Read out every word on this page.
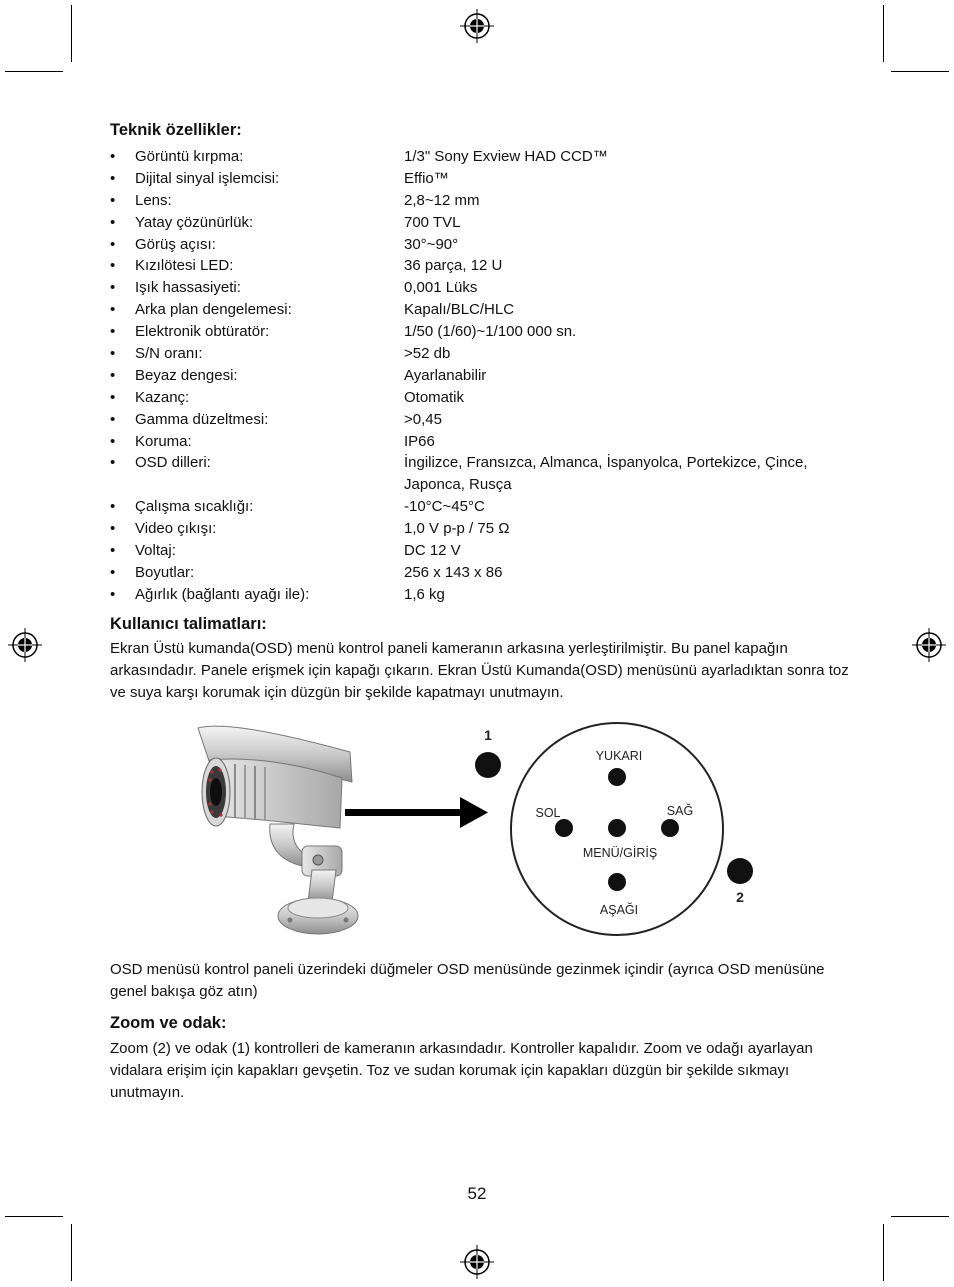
Teknik özellikler:
• Görüntü kırpma:	1/3" Sony Exview HAD CCD™
• Dijital sinyal işlemcisi:	Effio™
• Lens:	2,8~12 mm
• Yatay çözünürlük:	700 TVL
• Görüş açısı:	30°~90°
• Kızılötesi LED:	36 parça, 12 U
• Işık hassasiyeti:	0,001 Lüks
• Arka plan dengelemesi:	Kapalı/BLC/HLC
• Elektronik obtüratör:	1/50 (1/60)~1/100 000 sn.
• S/N oranı:	>52 db
• Beyaz dengesi:	Ayarlanabilir
• Kazanç:	Otomatik
• Gamma düzeltmesi:	>0,45
• Koruma:	IP66
• OSD dilleri:	İngilizce, Fransızca, Almanca, İspanyolca, Portekizce, Çince, Japonca, Rusça
• Çalışma sıcaklığı:	-10°C~45°C
• Video çıkışı:	1,0 V p-p / 75 Ω
• Voltaj:	DC 12 V
• Boyutlar:	256 x 143 x 86
• Ağırlık (bağlantı ayağı ile):	1,6 kg
Kullanıcı talimatları:

Ekran Üstü kumanda(OSD) menü kontrol paneli kameranın arkasına yerleştirilmiştir. Bu panel kapağın arkasındadır. Panele erişmek için kapağı çıkarın. Ekran Üstü Kumanda(OSD) menüsünü ayarladıktan sonra toz ve suya karşı korumak için düzgün bir şekilde kapatmayı unutmayın.

1
YUKARI
SOL	SAĞ
MENÜ/GİRİŞ
AŞAĞI
2

OSD menüsü kontrol paneli üzerindeki düğmeler OSD menüsünde gezinmek içindir (ayrıca OSD menüsüne genel bakışa göz atın)

Zoom ve odak:

Zoom (2) ve odak (1) kontrolleri de kameranın arkasındadır. Kontroller kapalıdır. Zoom ve odağı ayarlayan vidalara erişim için kapakları gevşetin. Toz ve sudan korumak için kapakları düzgün bir şekilde sıkmayı unutmayın.

52
